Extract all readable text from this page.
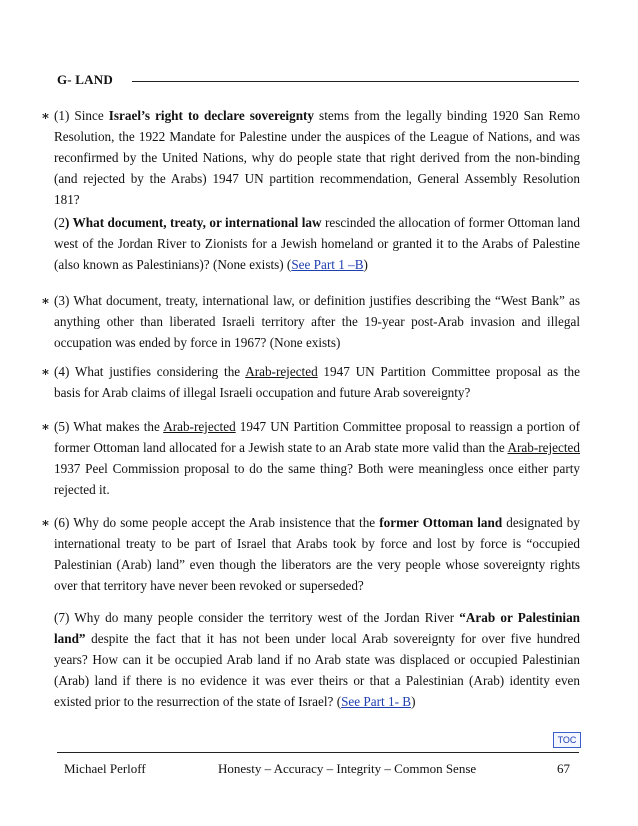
G- LAND
∗ (1) Since Israel’s right to declare sovereignty stems from the legally binding 1920 San Remo Resolution, the 1922 Mandate for Palestine under the auspices of the League of Nations, and was reconfirmed by the United Nations, why do people state that right derived from the non-binding (and rejected by the Arabs) 1947 UN partition recommendation, General Assembly Resolution 181?
(2) What document, treaty, or international law rescinded the allocation of former Ottoman land west of the Jordan River to Zionists for a Jewish homeland or granted it to the Arabs of Palestine (also known as Palestinians)? (None exists) (See Part 1 –B)
∗ (3) What document, treaty, international law, or definition justifies describing the “West Bank” as anything other than liberated Israeli territory after the 19-year post-Arab invasion and illegal occupation was ended by force in 1967? (None exists)
∗ (4) What justifies considering the Arab-rejected 1947 UN Partition Committee proposal as the basis for Arab claims of illegal Israeli occupation and future Arab sovereignty?
∗ (5) What makes the Arab-rejected 1947 UN Partition Committee proposal to reassign a portion of former Ottoman land allocated for a Jewish state to an Arab state more valid than the Arab-rejected 1937 Peel Commission proposal to do the same thing? Both were meaningless once either party rejected it.
∗ (6) Why do some people accept the Arab insistence that the former Ottoman land designated by international treaty to be part of Israel that Arabs took by force and lost by force is “occupied Palestinian (Arab) land” even though the liberators are the very people whose sovereignty rights over that territory have never been revoked or superseded?
(7) Why do many people consider the territory west of the Jordan River “Arab or Palestinian land” despite the fact that it has not been under local Arab sovereignty for over five hundred years? How can it be occupied Arab land if no Arab state was displaced or occupied Palestinian (Arab) land if there is no evidence it was ever theirs or that a Palestinian (Arab) identity even existed prior to the resurrection of the state of Israel? (See Part 1- B)
TOC
Michael Perloff	Honesty – Accuracy – Integrity – Common Sense	67
